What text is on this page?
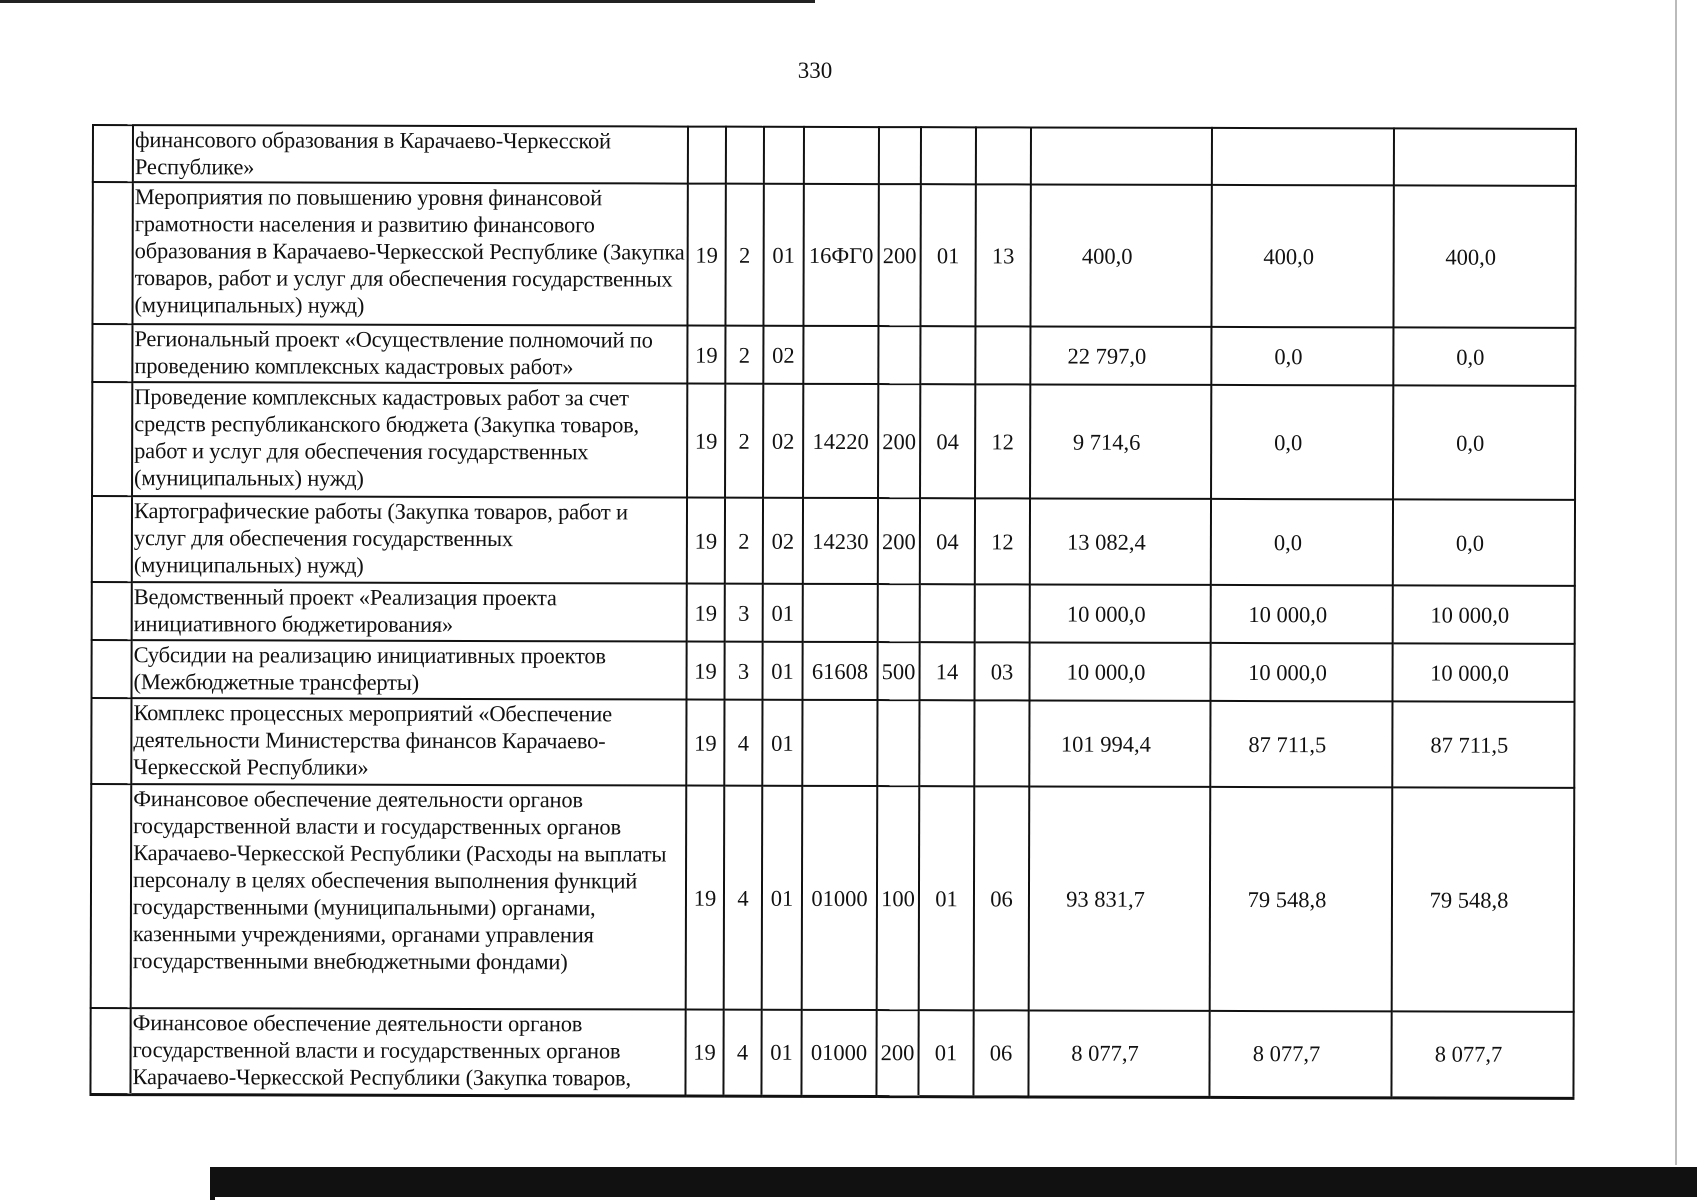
330
	финансового образования в Карачаево-Черкесской Республике»										
	Мероприятия по повышению уровня финансовой грамотности населения и развитию финансового образования в Карачаево-Черкесской Республике (Закупка товаров, работ и услуг для обеспечения государственных (муниципальных) нужд)	19	2	01	16ФГ0	200	01	13	400,0	400,0	400,0
	Региональный проект «Осуществление полномочий по проведению комплексных кадастровых работ»	19	2	02					22 797,0	0,0	0,0
	Проведение комплексных кадастровых работ за счет средств республиканского бюджета (Закупка товаров, работ и услуг для обеспечения государственных (муниципальных) нужд)	19	2	02	14220	200	04	12	9 714,6	0,0	0,0
	Картографические работы (Закупка товаров, работ и услуг для обеспечения государственных (муниципальных) нужд)	19	2	02	14230	200	04	12	13 082,4	0,0	0,0
	Ведомственный проект «Реализация проекта инициативного бюджетирования»	19	3	01					10 000,0	10 000,0	10 000,0
	Субсидии на реализацию инициативных проектов (Межбюджетные трансферты)	19	3	01	61608	500	14	03	10 000,0	10 000,0	10 000,0
	Комплекс процессных мероприятий «Обеспечение деятельности Министерства финансов Карачаево-Черкесской Республики»	19	4	01					101 994,4	87 711,5	87 711,5
	Финансовое обеспечение деятельности органов государственной власти и государственных органов Карачаево-Черкесской Республики (Расходы на выплаты персоналу в целях обеспечения выполнения функций государственными (муниципальными) органами, казенными учреждениями, органами управления государственными внебюджетными фондами)	19	4	01	01000	100	01	06	93 831,7	79 548,8	79 548,8
	Финансовое обеспечение деятельности органов государственной власти и государственных органов Карачаево-Черкесской Республики (Закупка товаров,	19	4	01	01000	200	01	06	8 077,7	8 077,7	8 077,7
